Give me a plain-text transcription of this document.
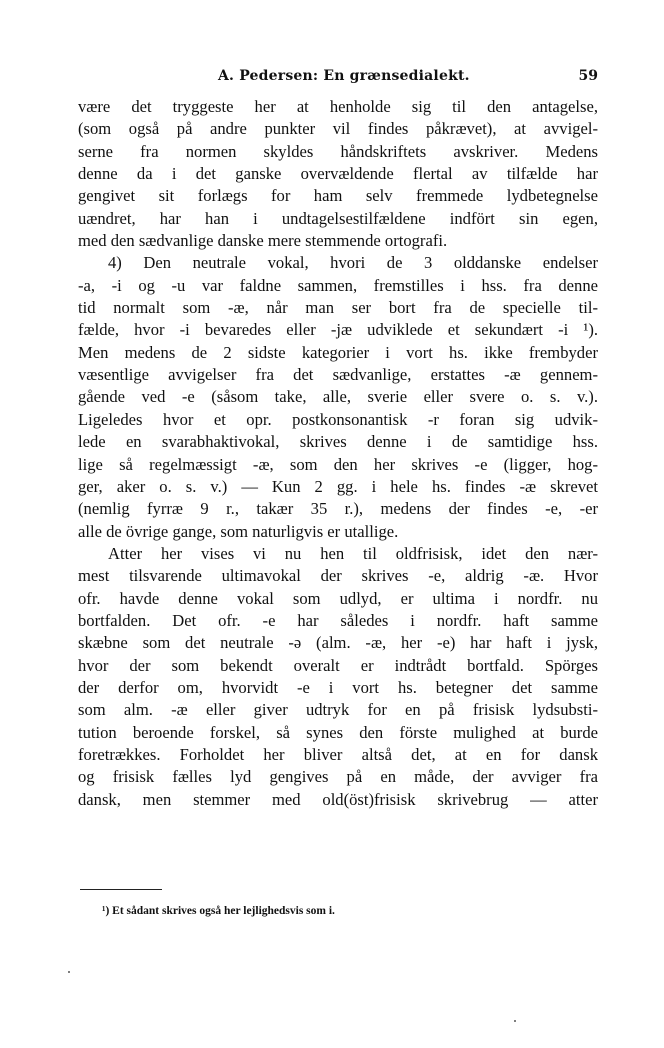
A. Pedersen: En grænsedialekt.	59
være det tryggeste her at henholde sig til den antagelse,
(som også på andre punkter vil findes påkrævet), at avvigel-
serne fra normen skyldes håndskriftets avskriver. Medens
denne da i det ganske overvældende flertal av tilfælde har
gengivet sit forlægs for ham selv fremmede lydbetegnelse
uændret, har han i undtagelsestilfældene indfört sin egen,
med den sædvanlige danske mere stemmende ortografi.
4) Den neutrale vokal, hvori de 3 olddanske endelser
-a, -i og -u var faldne sammen, fremstilles i hss. fra denne
tid normalt som -æ, når man ser bort fra de specielle til-
fælde, hvor -i bevaredes eller -jæ udviklede et sekundært -i ¹).
Men medens de 2 sidste kategorier i vort hs. ikke frembyder
væsentlige avvigelser fra det sædvanlige, erstattes -æ gennem-
gående ved -e (såsom take, alle, sverie eller svere o. s. v.).
Ligeledes hvor et opr. postkonsonantisk -r foran sig udvik-
lede en svarabhaktivokal, skrives denne i de samtidige hss.
lige så regelmæssigt -æ, som den her skrives -e (ligger, hog-
ger, aker o. s. v.) — Kun 2 gg. i hele hs. findes -æ skrevet
(nemlig fyrræ 9 r., takær 35 r.), medens der findes -e, -er
alle de övrige gange, som naturligvis er utallige.
Atter her vises vi nu hen til oldfrisisk, idet den nær-
mest tilsvarende ultimavokal der skrives -e, aldrig -æ. Hvor
ofr. havde denne vokal som udlyd, er ultima i nordfr. nu
bortfalden. Det ofr. -e har således i nordfr. haft samme
skæbne som det neutrale -ə (alm. -æ, her -e) har haft i jysk,
hvor der som bekendt overalt er indtrådt bortfald. Spörges
der derfor om, hvorvidt -e i vort hs. betegner det samme
som alm. -æ eller giver udtryk for en på frisisk lydsubsti-
tution beroende forskel, så synes den förste mulighed at burde
foretrækkes. Forholdet her bliver altså det, at en for dansk
og frisisk fælles lyd gengives på en måde, der avviger fra
dansk, men stemmer med old(öst)frisisk skrivebrug — atter
¹) Et sådant skrives også her lejlighedsvis som i.
